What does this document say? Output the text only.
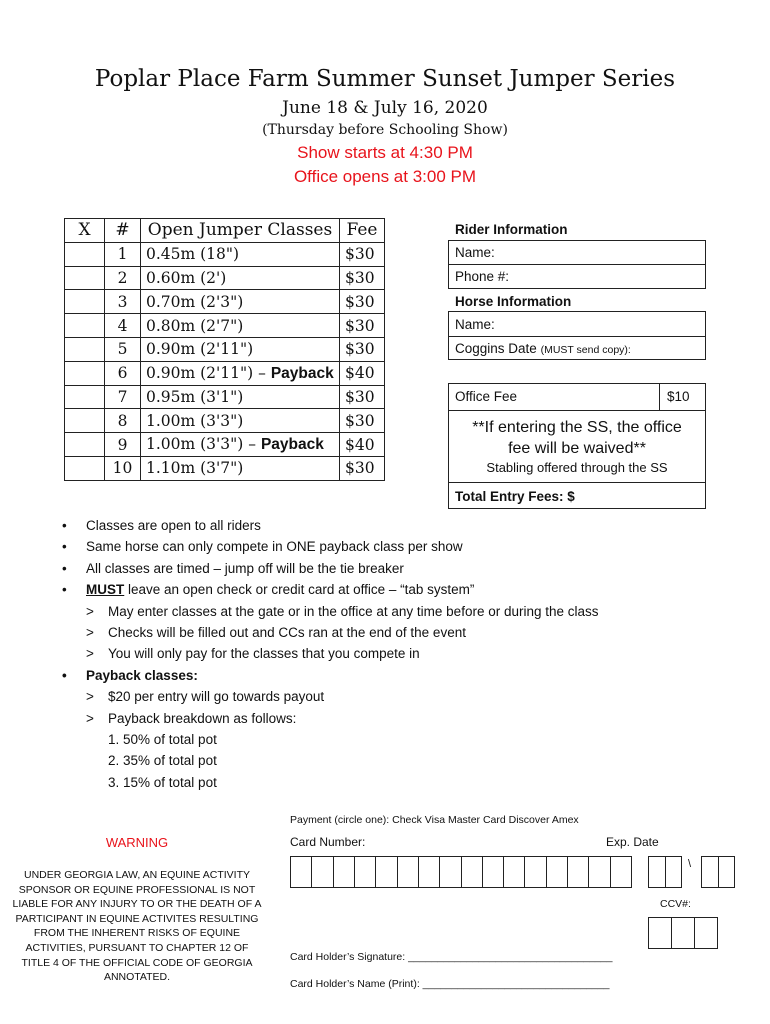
Poplar Place Farm Summer Sunset Jumper Series
June 18 & July 16, 2020
(Thursday before Schooling Show)
Show starts at 4:30 PM
Office opens at 3:00 PM
X	#	Open Jumper Classes	Fee
	1	0.45m (18")	$30
	2	0.60m (2')	$30
	3	0.70m (2'3")	$30
	4	0.80m (2'7")	$30
	5	0.90m (2'11")	$30
	6	0.90m (2'11") – Payback	$40
	7	0.95m (3'1")	$30
	8	1.00m (3'3")	$30
	9	1.00m (3'3") – Payback	$40
	10	1.10m (3'7")	$30
Rider Information
Name:
Phone #:
Horse Information
Name:
Coggins Date (MUST send copy):
Office Fee	$10
**If entering the SS, the office fee will be waived**
Stabling offered through the SS
Total Entry Fees: $
• Classes are open to all riders
• Same horse can only compete in ONE payback class per show
• All classes are timed – jump off will be the tie breaker
• MUST leave an open check or credit card at office – “tab system”
> May enter classes at the gate or in the office at any time before or during the class
> Checks will be filled out and CCs ran at the end of the event
> You will only pay for the classes that you compete in
• Payback classes:
> $20 per entry will go towards payout
> Payback breakdown as follows:
1. 50% of total pot
2. 35% of total pot
3. 15% of total pot
WARNING
UNDER GEORGIA LAW, AN EQUINE ACTIVITY SPONSOR OR EQUINE PROFESSIONAL IS NOT LIABLE FOR ANY INJURY TO OR THE DEATH OF A PARTICIPANT IN EQUINE ACTIVITES RESULTING FROM THE INHERENT RISKS OF EQUINE ACTIVITIES, PURSUANT TO CHAPTER 12 OF TITLE 4 OF THE OFFICIAL CODE OF GEORGIA ANNOTATED.
Payment (circle one): Check Visa Master Card Discover Amex
Card Number:	Exp. Date
\
CCV#:
Card Holder’s Signature: ___________________________________
Card Holder’s Name (Print): ________________________________
